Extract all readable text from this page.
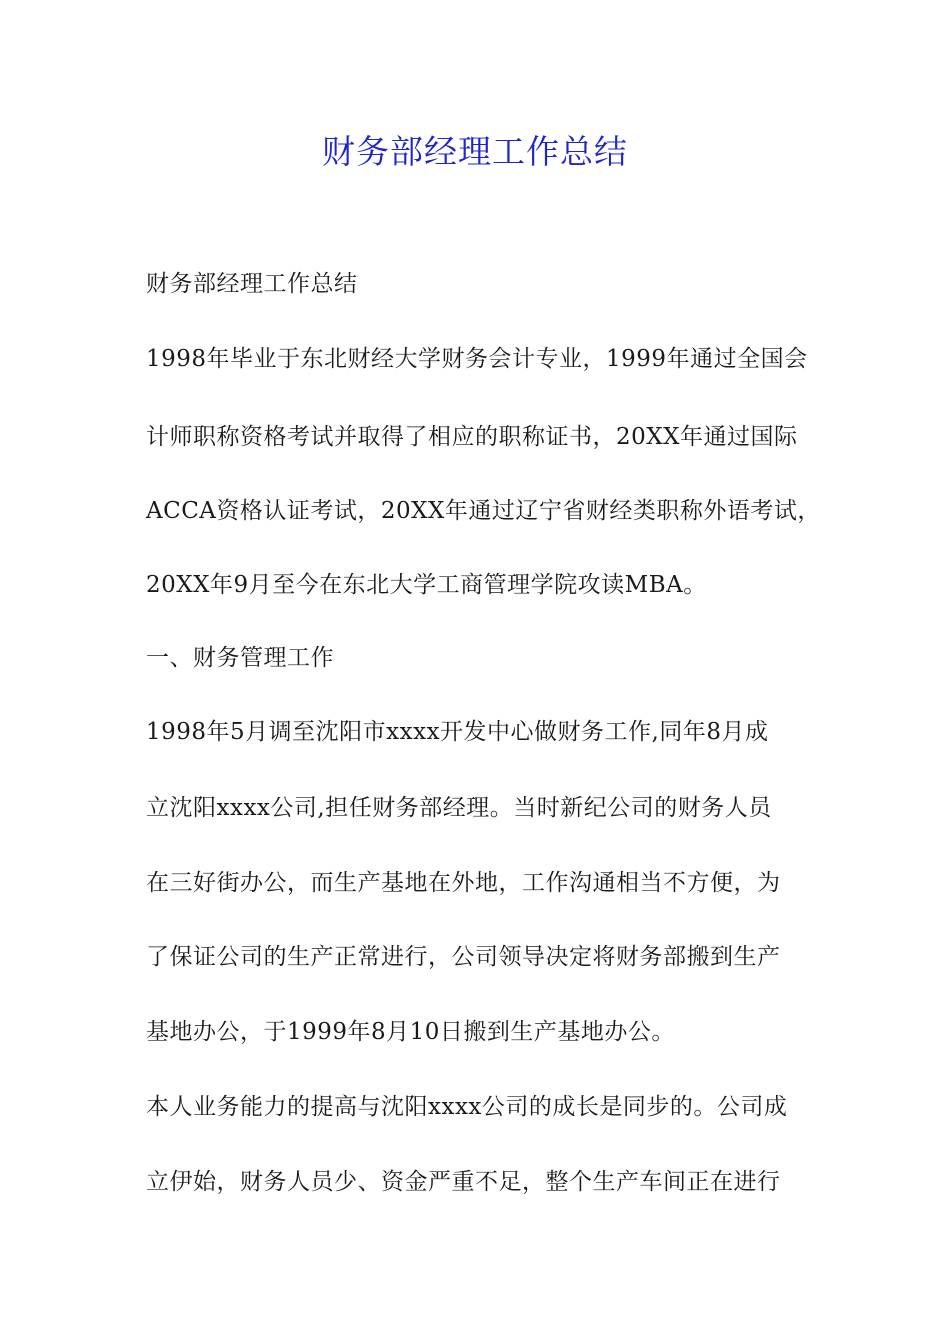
财务部经理工作总结
财务部经理工作总结
1998年毕业于东北财经大学财务会计专业，1999年通过全国会
计师职称资格考试并取得了相应的职称证书，20XX年通过国际
ACCA资格认证考试，20XX年通过辽宁省财经类职称外语考试，
20XX年9月至今在东北大学工商管理学院攻读MBA。
一、财务管理工作
1998年5月调至沈阳市xxxx开发中心做财务工作,同年8月成
立沈阳xxxx公司,担任财务部经理。当时新纪公司的财务人员
在三好街办公，而生产基地在外地，工作沟通相当不方便，为
了保证公司的生产正常进行，公司领导决定将财务部搬到生产
基地办公，于1999年8月10日搬到生产基地办公。
本人业务能力的提高与沈阳xxxx公司的成长是同步的。公司成
立伊始，财务人员少、资金严重不足，整个生产车间正在进行
